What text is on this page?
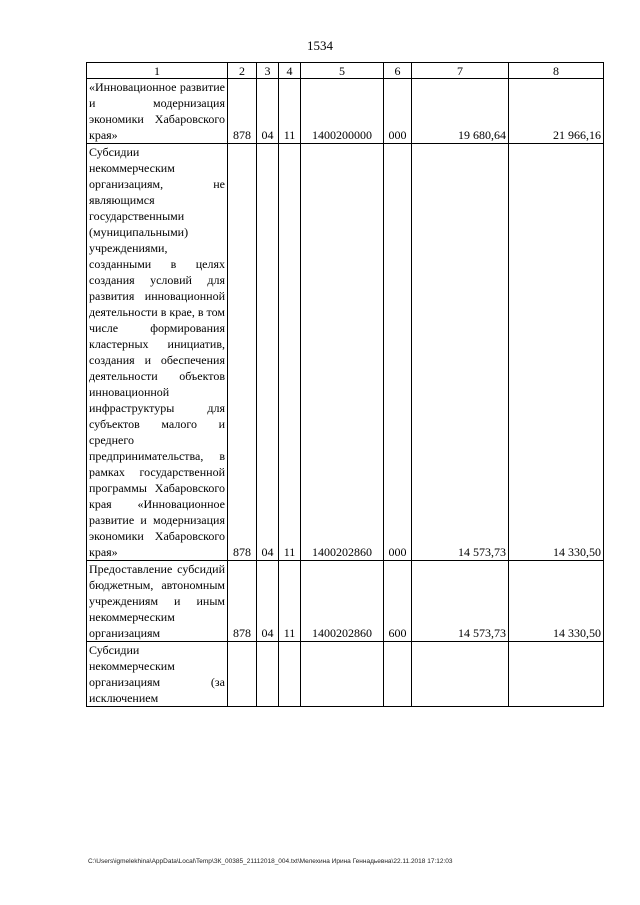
1534
1	2	3	4	5	6	7	8
«Инновационное развитие и модернизация экономики Хабаровского края»	878	04	11	1400200000	000	19 680,64	21 966,16
Субсидии некоммерческим организациям, не являющимся государственными (муниципальными) учреждениями, созданными в целях создания условий для развития инновационной деятельности в крае, в том числе формирования кластерных инициатив, создания и обеспечения деятельности объектов инновационной инфраструктуры для субъектов малого и среднего предпринимательства, в рамках государственной программы Хабаровского края «Инновационное развитие и модернизация экономики Хабаровского края»	878	04	11	1400202860	000	14 573,73	14 330,50
Предоставление субсидий бюджетным, автономным учреждениям и иным некоммерческим организациям	878	04	11	1400202860	600	14 573,73	14 330,50
Субсидии некоммерческим организациям (за исключением							
C:\Users\igmelekhina\AppData\Local\Temp\ЗК_00385_21112018_004.txt\Мелехина Ирина Геннадьевна\22.11.2018 17:12:03
